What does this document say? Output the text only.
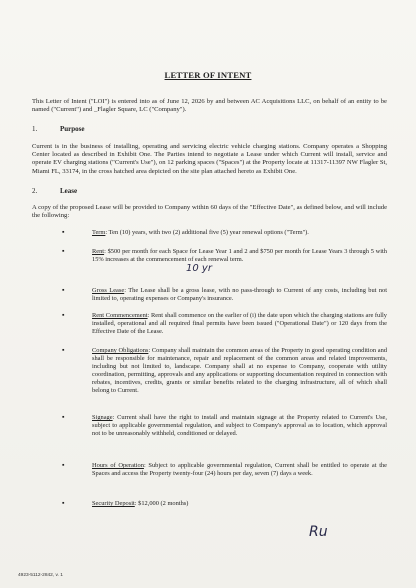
LETTER OF INTENT
This Letter of Intent ("LOI") is entered into as of June 12, 2026 by and between AC Acquisitions LLC, on behalf of an entity to be named ("Current") and _Flagler Square, LC ("Company").
1.	Purpose
Current is in the business of installing, operating and servicing electric vehicle charging stations. Company operates a Shopping Center located as described in Exhibit One. The Parties intend to negotiate a Lease under which Current will install, service and operate EV charging stations ("Current's Use"), on 12 parking spaces ("Spaces") at the Property locate at 11317-11397 NW Flagler St, Miami FL, 33174, in the cross hatched area depicted on the site plan attached hereto as Exhibit One.
2.	Lease
A copy of the proposed Lease will be provided to Company within 60 days of the "Effective Date", as defined below, and will include the following:
▪	Term: Ten (10) years, with two (2) additional five (5) year renewal options ("Term").
▪	Rent: $500 per month for each Space for Lease Year 1 and 2 and $750 per month for Lease Years 3 through 5 with 15% increases at the commencement of each renewal term.
10 yr
▪	Gross Lease: The Lease shall be a gross lease, with no pass-through to Current of any costs, including but not limited to, operating expenses or Company's insurance.
▪	Rent Commencement: Rent shall commence on the earlier of (i) the date upon which the charging stations are fully installed, operational and all required final permits have been issued ("Operational Date") or 120 days from the Effective Date of the Lease.
▪	Company Obligations: Company shall maintain the common areas of the Property in good operating condition and shall be responsible for maintenance, repair and replacement of the common areas and related improvements, including but not limited to, landscape. Company shall at no expense to Company, cooperate with utility coordination, permitting, approvals and any applications or supporting documentation required in connection with rebates, incentives, credits, grants or similar benefits related to the charging infrastructure, all of which shall belong to Current.
▪	Signage: Current shall have the right to install and maintain signage at the Property related to Current's Use, subject to applicable governmental regulation, and subject to Company's approval as to location, which approval not to be unreasonably withheld, conditioned or delayed.
▪	Hours of Operation: Subject to applicable governmental regulation, Current shall be entitled to operate at the Spaces and access the Property twenty-four (24) hours per day, seven (7) days a week.
▪	Security Deposit: $12,000 (2 months)
Ru
4923-5112-2842, v. 1
